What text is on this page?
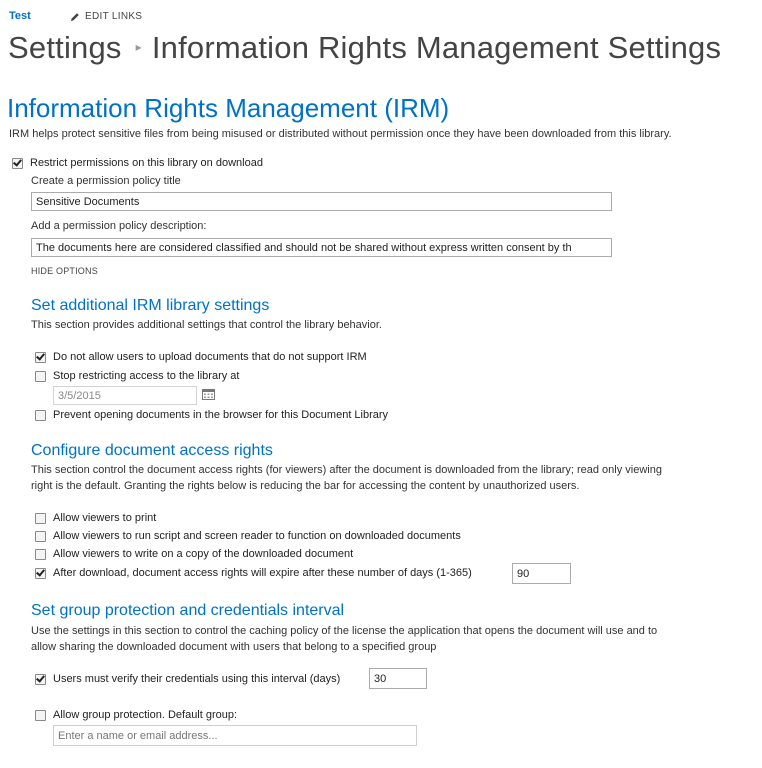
Test	EDIT LINKS
Settings ▸ Information Rights Management Settings
Information Rights Management (IRM)
IRM helps protect sensitive files from being misused or distributed without permission once they have been downloaded from this library.
Restrict permissions on this library on download
Create a permission policy title
Sensitive Documents
Add a permission policy description:
The documents here are considered classified and should not be shared without express written consent by th
HIDE OPTIONS
Set additional IRM library settings
This section provides additional settings that control the library behavior.
Do not allow users to upload documents that do not support IRM
Stop restricting access to the library at
3/5/2015
Prevent opening documents in the browser for this Document Library
Configure document access rights
This section control the document access rights (for viewers) after the document is downloaded from the library; read only viewing
right is the default. Granting the rights below is reducing the bar for accessing the content by unauthorized users.
Allow viewers to print
Allow viewers to run script and screen reader to function on downloaded documents
Allow viewers to write on a copy of the downloaded document
After download, document access rights will expire after these number of days (1-365)	90
Set group protection and credentials interval
Use the settings in this section to control the caching policy of the license the application that opens the document will use and to
allow sharing the downloaded document with users that belong to a specified group
Users must verify their credentials using this interval (days)	30
Allow group protection. Default group:
Enter a name or email address...
